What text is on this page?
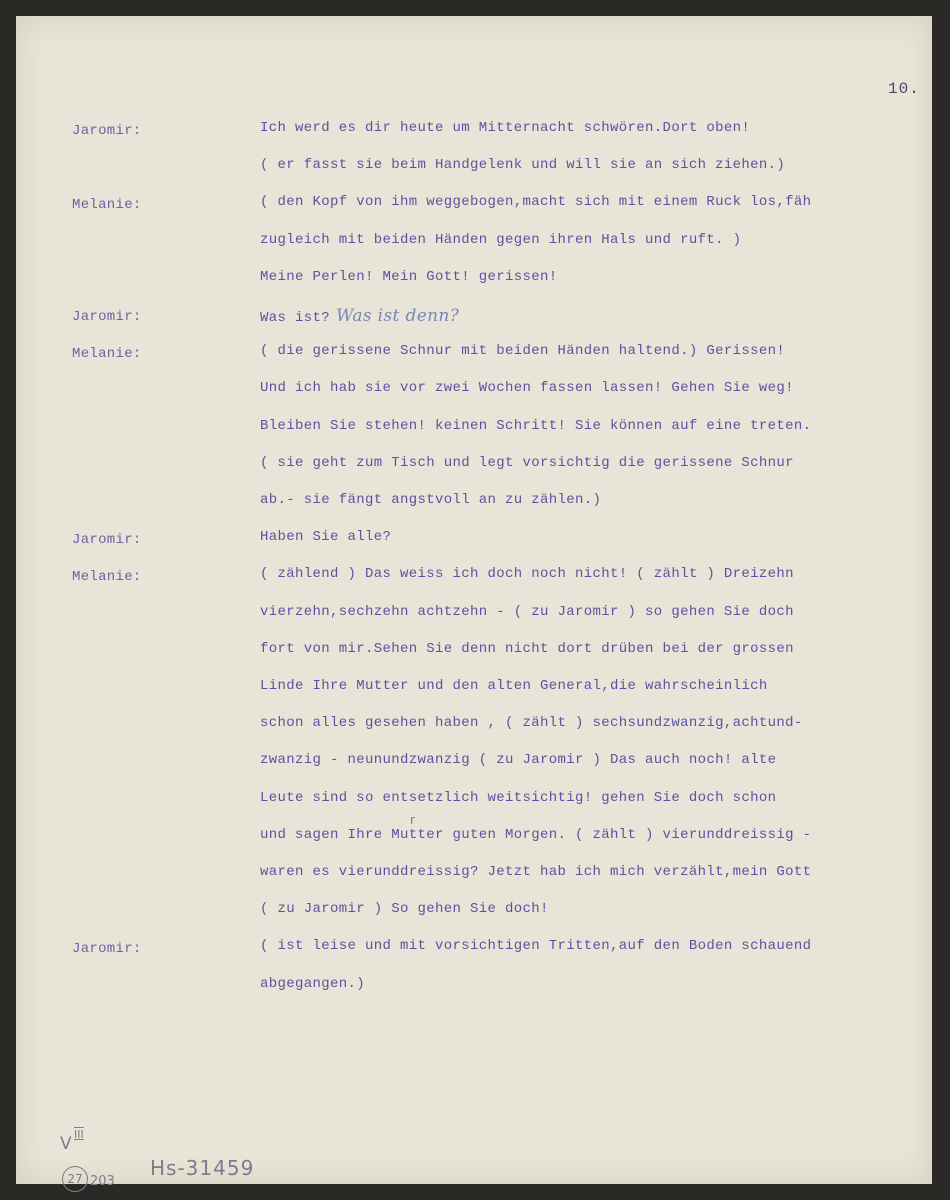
10.
Jaromir:	Ich werd es dir heute um Mitternacht schwören.Dort oben!
( er fasst sie beim Handgelenk und will sie an sich ziehen.)
Melanie:	( den Kopf von ihm weggebogen,macht sich mit einem Ruck los,fäh
zugleich mit beiden Händen gegen ihren Hals und ruft. )
Meine Perlen! Mein Gott! gerissen!
Jaromir:	Was ist? Was ist denn?
Melanie:	( die gerissene Schnur mit beiden Händen haltend.) Gerissen!
Und ich hab sie vor zwei Wochen fassen lassen! Gehen Sie weg!
Bleiben Sie stehen! keinen Schritt! Sie können auf eine treten.
( sie geht zum Tisch und legt vorsichtig die gerissene Schnur
ab.- sie fängt angstvoll an zu zählen.)
Jaromir:	Haben Sie alle?
Melanie:	( zählend ) Das weiss ich doch noch nicht! ( zählt ) Dreizehn
vierzehn,sechzehn achtzehn - ( zu Jaromir ) so gehen Sie doch
fort von mir.Sehen Sie denn nicht dort drüben bei der grossen
Linde Ihre Mutter und den alten General,die wahrscheinlich
schon alles gesehen haben , ( zählt ) sechsundzwanzig,achtund-
zwanzig - neunundzwanzig ( zu Jaromir ) Das auch noch! alte
Leute sind so entsetzlich weitsichtig! gehen Sie doch schon
und sagen Ihre Mutter guten Morgen. ( zählt ) vierunddreissig -
r
waren es vierunddreissig? Jetzt hab ich mich verzählt,mein Gott
( zu Jaromir ) So gehen Sie doch!
Jaromir:	( ist leise und mit vorsichtigen Tritten,auf den Boden schauend
abgegangen.)
V III
27 203
Hs-31459
